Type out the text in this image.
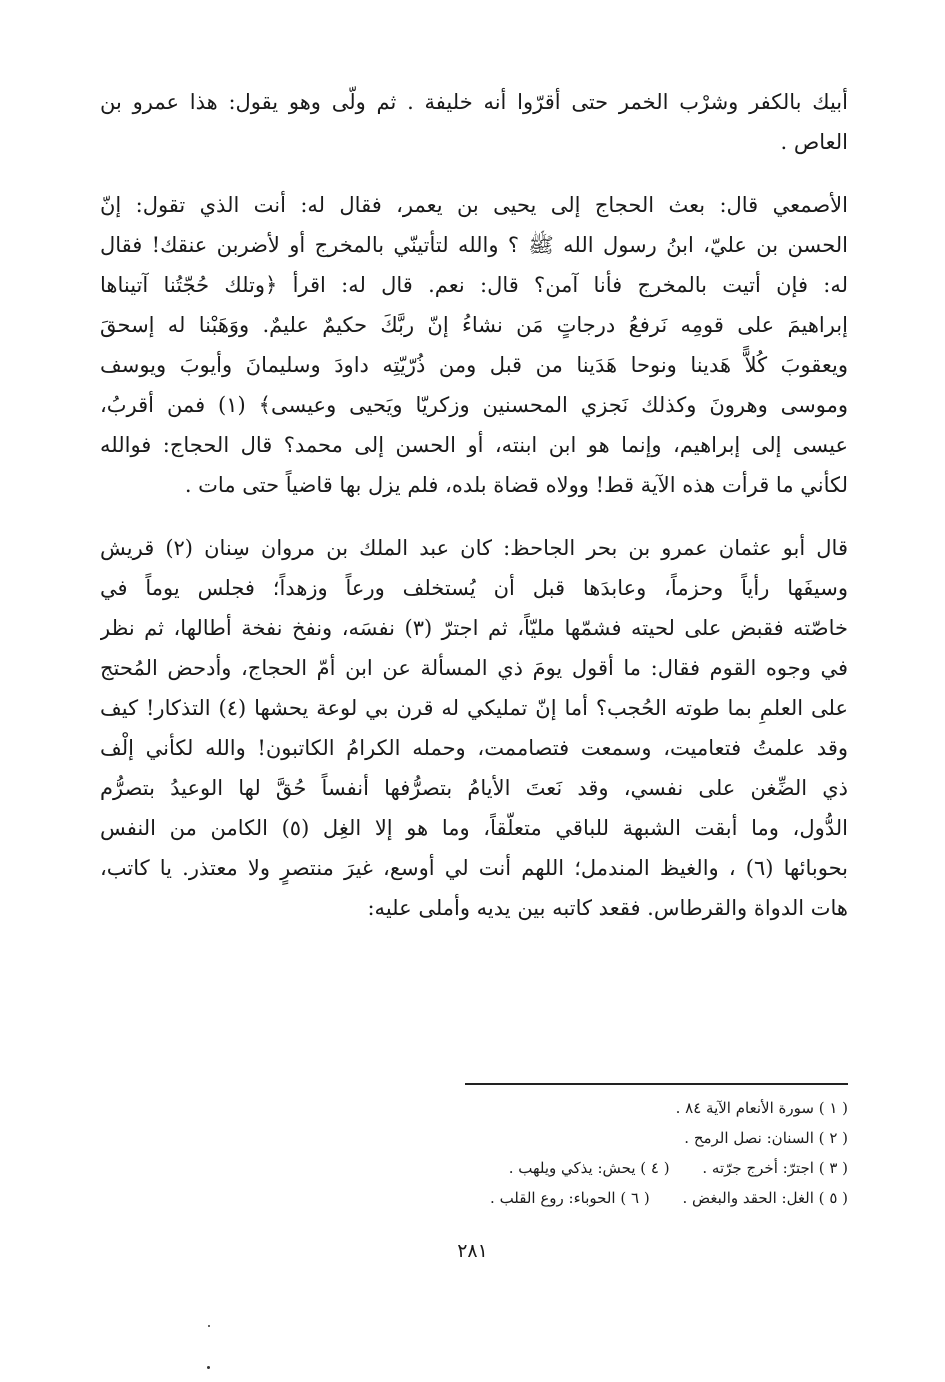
أبيك بالكفر وشرْب الخمر حتى أقرّوا أنه خليفة . ثم ولّى وهو يقول: هذا عمرو بن
العاص .
الأصمعي قال: بعث الحجاج إلى يحيى بن يعمر، فقال له: أنت الذي تقول: إنّ
الحسن بن عليّ، ابنُ رسول الله ﷺ ؟ والله لتأتينّي بالمخرج أو لأضربن عنقك! فقال
له: فإن أتيت بالمخرج فأنا آمن؟ قال: نعم. قال له: اقرأ ﴿وتلك حُجّتُنا آتيناها
إبراهيمَ على قومِه نَرفعُ درجاتٍ مَن نشاءُ إنّ ربَّكَ حكيمٌ عليمٌ. ووَهَبْنا له إسحقَ
ويعقوبَ كُلاًّ هَدينا ونوحا هَدَينا من قبل ومن ذُرّيّتِه داودَ وسليمانَ وأيوبَ ويوسف
وموسى وهرونَ وكذلك نَجزي المحسنين وزكريّا ويَحيى وعيسى﴾ (١) فمن أقربُ،
عيسى إلى إبراهيم، وإنما هو ابن ابنته، أو الحسن إلى محمد؟ قال الحجاج: فوالله
لكأني ما قرأت هذه الآية قط! وولاه قضاة بلده، فلم يزل بها قاضياً حتى مات .
قال أبو عثمان عمرو بن بحر الجاحظ: كان عبد الملك بن مروان سِنان (٢) قريش
وسيفَها رأياً وحزماً، وعابدَها قبل أن يُستخلف ورعاً وزهداً؛ فجلس يوماً في
خاصّته فقبض على لحيته فشمّها مليّاً، ثم اجترّ (٣) نفسَه، ونفخ نفخة أطالها، ثم نظر
في وجوه القوم فقال: ما أقول يومَ ذي المسألة عن ابن أمّ الحجاج، وأدحض المُحتج
على العلمِ بما طوته الحُجب؟ أما إنّ تمليكي له قرن بي لوعة يحشها (٤) التذكار! كيف
وقد علمتُ فتعاميت، وسمعت فتصاممت، وحمله الكرامُ الكاتبون! والله لكأني إلْف
ذي الضِّغن على نفسي، وقد نَعتَ الأيامُ بتصرُّفها أنفساً حُقَّ لها الوعيدُ بتصرُّم
الدُّول، وما أبقت الشبهة للباقي متعلّقاً، وما هو إلا الغِل (٥) الكامن من النفس
بحوبائها (٦) ، والغيظ المندمل؛ اللهم أنت لي أوسع، غيرَ منتصرٍ ولا معتذر. يا كاتب،
هات الدواة والقرطاس. فقعد كاتبه بين يديه وأملى عليه:
( ١ ) سورة الأنعام الآية ٨٤ .
( ٢ ) السنان: نصل الرمح .
( ٣ ) اجترّ: أخرج جرّته . ( ٤ ) يحش: يذكي ويلهب .
( ٥ ) الغل: الحقد والبغض . ( ٦ ) الحوباء: روع القلب .
٢٨١
